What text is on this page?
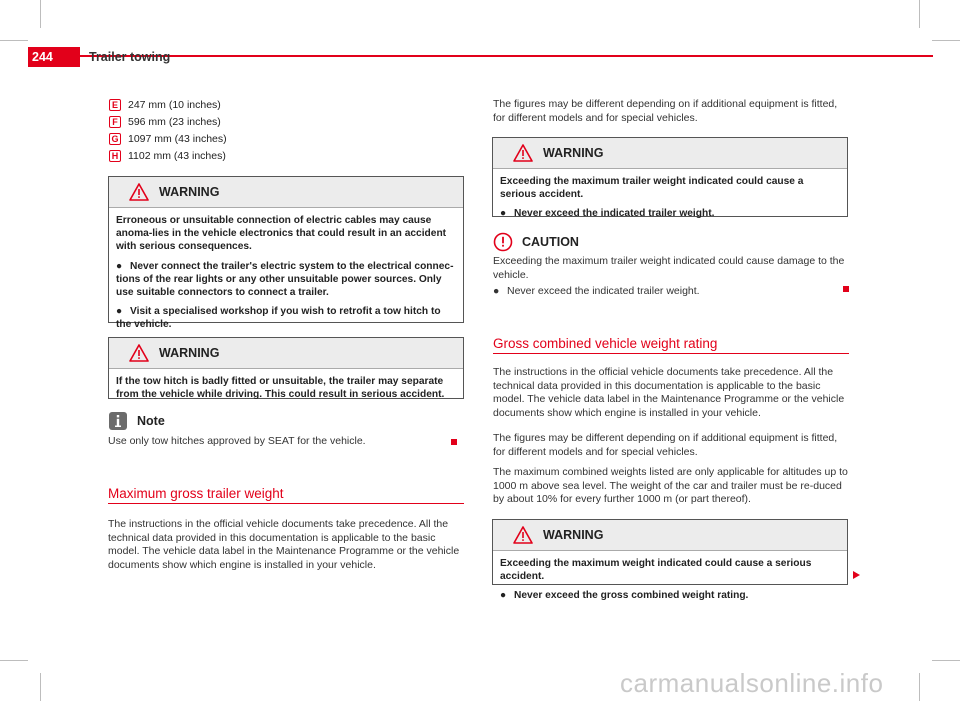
244	Trailer towing
E 247 mm (10 inches)
F 596 mm (23 inches)
G 1097 mm (43 inches)
H 1102 mm (43 inches)
WARNING

Erroneous or unsuitable connection of electric cables may cause anoma-lies in the vehicle electronics that could result in an accident with serious consequences.

● Never connect the trailer's electric system to the electrical connec-tions of the rear lights or any other unsuitable power sources. Only use suitable connectors to connect a trailer.

● Visit a specialised workshop if you wish to retrofit a tow hitch to the vehicle.

WARNING

If the tow hitch is badly fitted or unsuitable, the trailer may separate from the vehicle while driving. This could result in serious accident.

Note
Use only tow hitches approved by SEAT for the vehicle.
Maximum gross trailer weight
The instructions in the official vehicle documents take precedence. All the technical data provided in this documentation is applicable to the basic model. The vehicle data label in the Maintenance Programme or the vehicle documents show which engine is installed in your vehicle.
The figures may be different depending on if additional equipment is fitted, for different models and for special vehicles.
WARNING

Exceeding the maximum trailer weight indicated could cause a serious accident.

● Never exceed the indicated trailer weight.

CAUTION
Exceeding the maximum trailer weight indicated could cause damage to the vehicle.
● Never exceed the indicated trailer weight.
Gross combined vehicle weight rating
The instructions in the official vehicle documents take precedence. All the technical data provided in this documentation is applicable to the basic model. The vehicle data label in the Maintenance Programme or the vehicle documents show which engine is installed in your vehicle.
The figures may be different depending on if additional equipment is fitted, for different models and for special vehicles.
The maximum combined weights listed are only applicable for altitudes up to 1000 m above sea level. The weight of the car and trailer must be re-duced by about 10% for every further 1000 m (or part thereof).
WARNING

Exceeding the maximum weight indicated could cause a serious accident.

● Never exceed the gross combined weight rating.

carmanualsonline.info
